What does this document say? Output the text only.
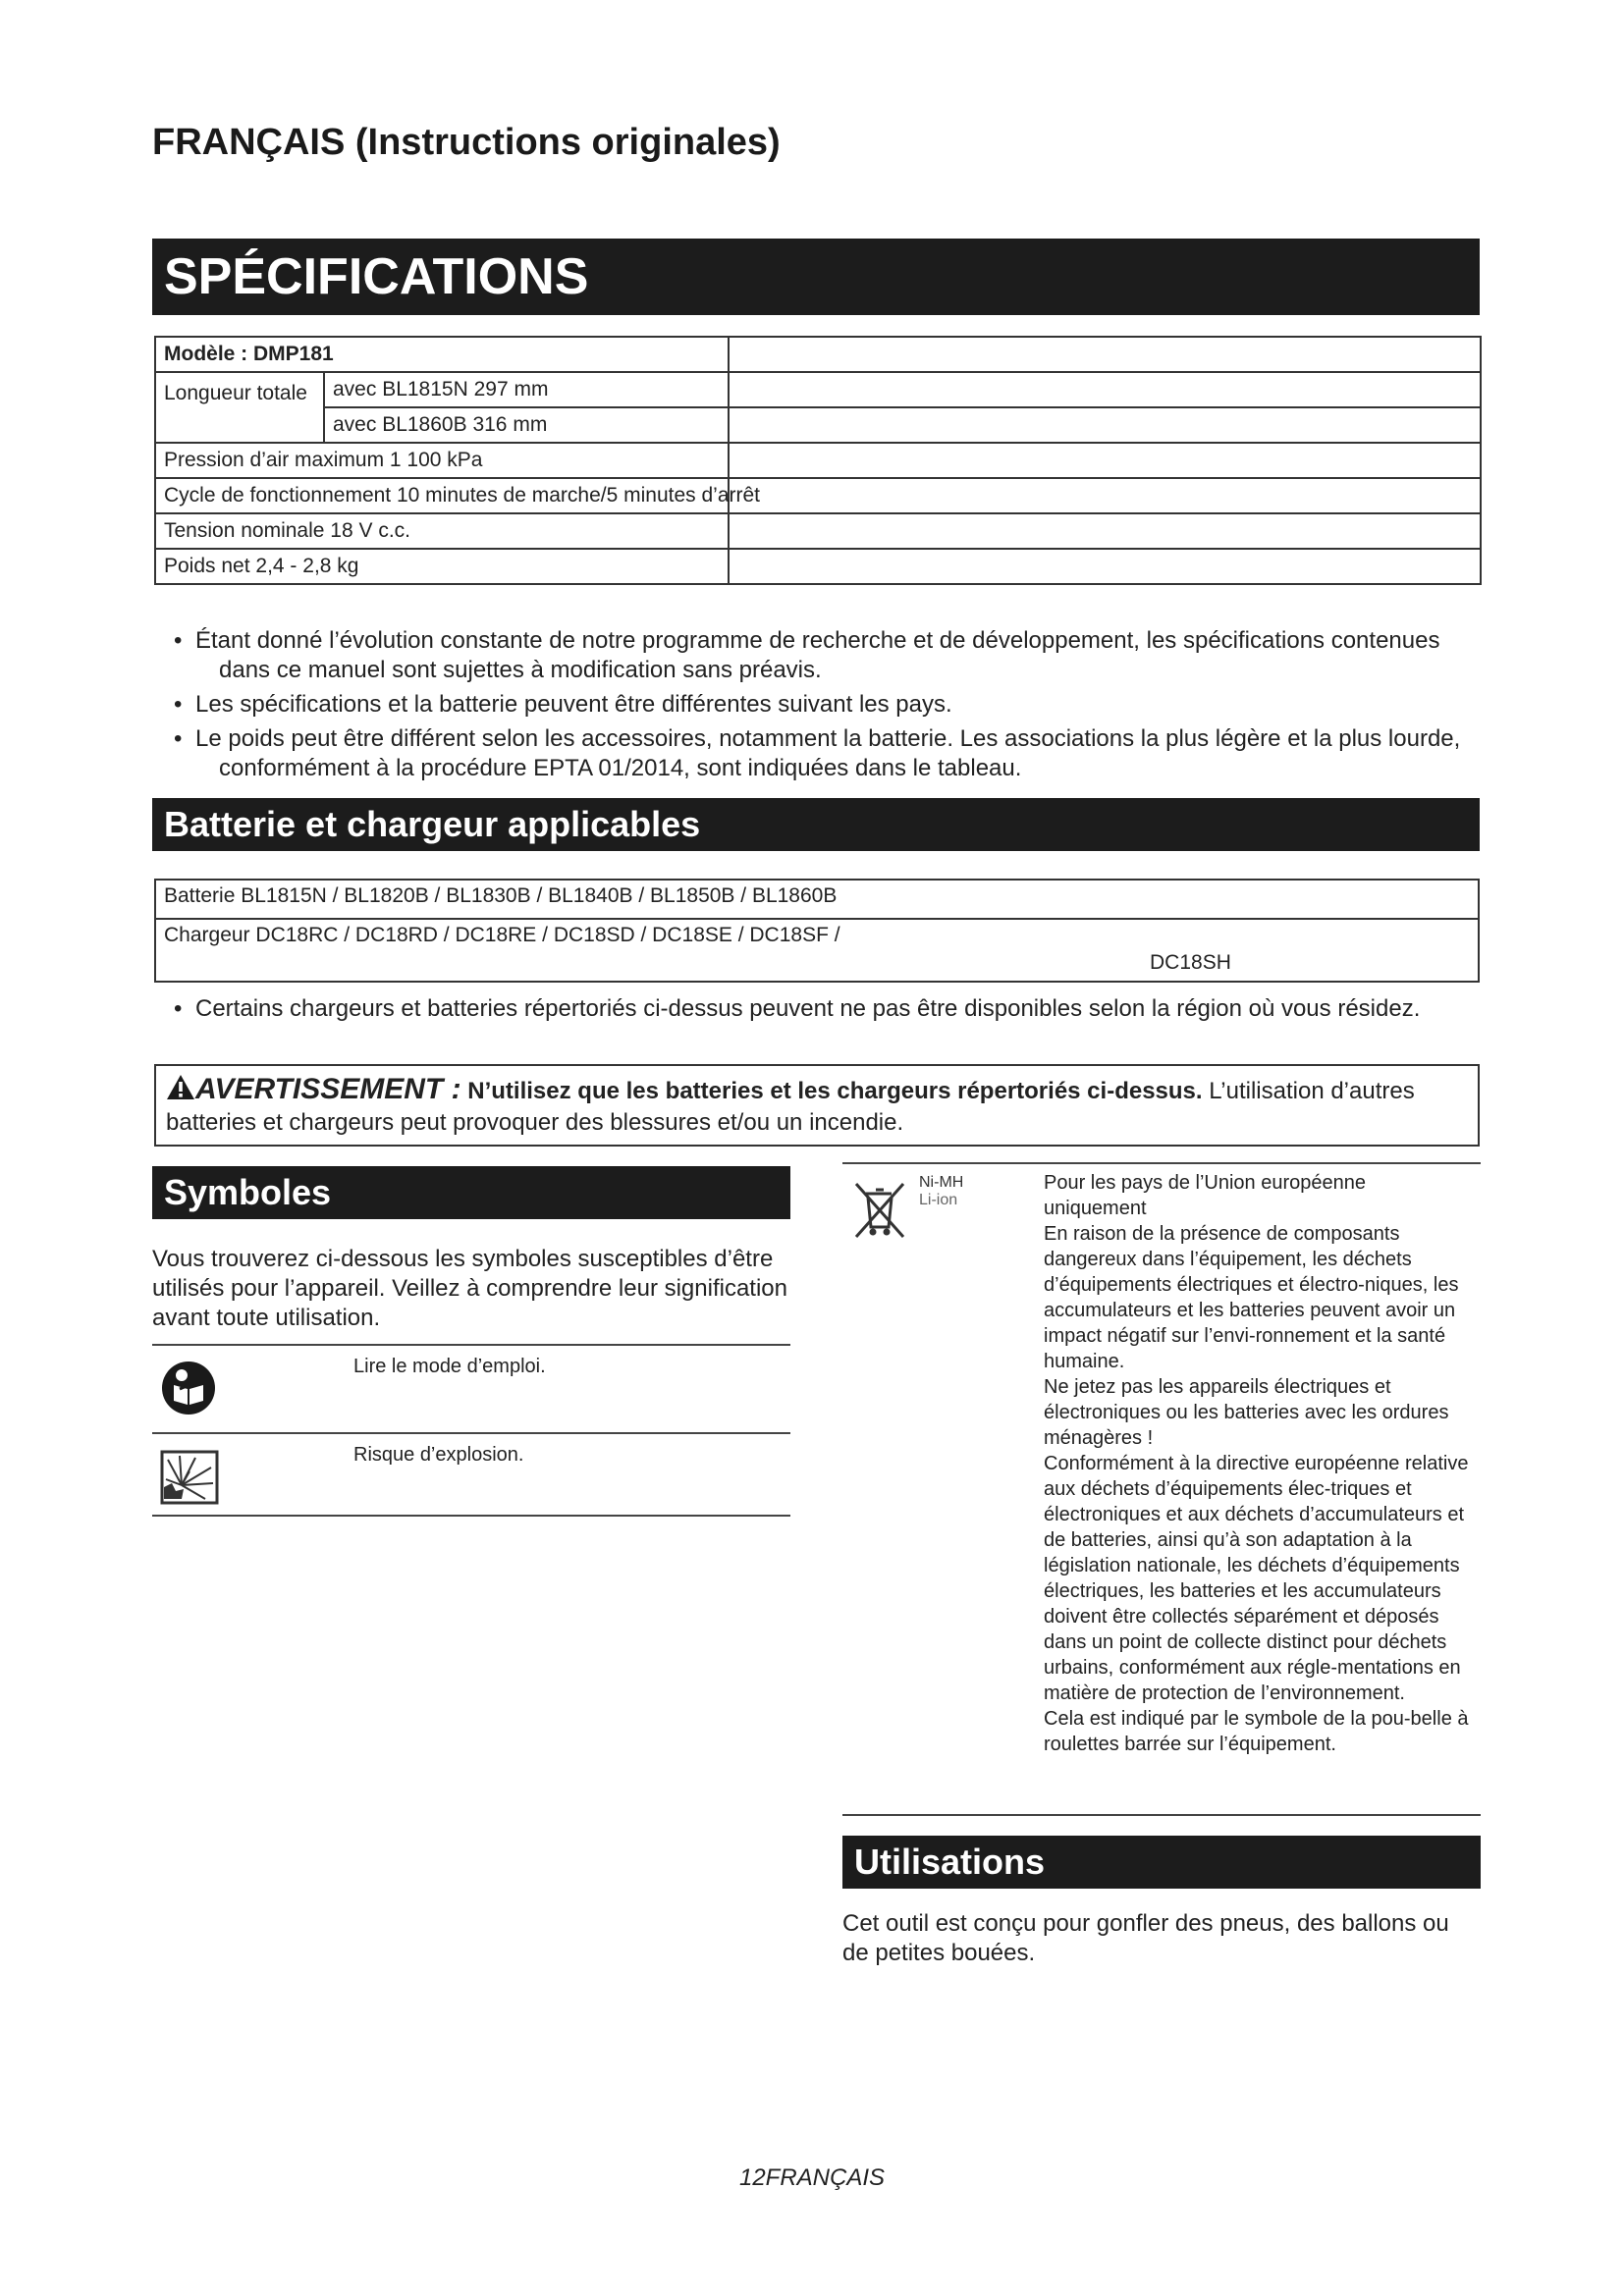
FRANÇAIS (Instructions originales)
SPÉCIFICATIONS
Modèle : DMP181		
Longueur totale	avec BL1815N 297 mm	
	avec BL1860B 316 mm	
Pression d’air maximum 1 100 kPa		
Cycle de fonctionnement 10 minutes de marche/5 minutes d’arrêt		
Tension nominale 18 V c.c.		
Poids net 2,4 - 2,8 kg		
• Étant donné l’évolution constante de notre programme de recherche et de développement, les spécifications contenues dans ce manuel sont sujettes à modification sans préavis.
• Les spécifications et la batterie peuvent être différentes suivant les pays.
• Le poids peut être différent selon les accessoires, notamment la batterie. Les associations la plus légère et la plus lourde, conformément à la procédure EPTA 01/2014, sont indiquées dans le tableau.
Batterie et chargeur applicables
Batterie BL1815N / BL1820B / BL1830B / BL1840B / BL1850B / BL1860B
Chargeur DC18RC / DC18RD / DC18RE / DC18SD / DC18SE / DC18SF /
DC18SH
• Certains chargeurs et batteries répertoriés ci-dessus peuvent ne pas être disponibles selon la région où vous résidez.
AVERTISSEMENT : N’utilisez que les batteries et les chargeurs répertoriés ci-dessus. L’utilisation d’autres batteries et chargeurs peut provoquer des blessures et/ou un incendie.
Symboles
Vous trouverez ci-dessous les symboles susceptibles d’être utilisés pour l’appareil. Veillez à comprendre leur signification avant toute utilisation.
Lire le mode d’emploi.
Risque d’explosion.
Ni-MH
Li-ion
Pour les pays de l’Union européenne uniquement
En raison de la présence de composants dangereux dans l’équipement, les déchets d’équipements électriques et électro-niques, les accumulateurs et les batteries peuvent avoir un impact négatif sur l’envi-ronnement et la santé humaine.
Ne jetez pas les appareils électriques et électroniques ou les batteries avec les ordures ménagères !
Conformément à la directive européenne relative aux déchets d’équipements élec-triques et électroniques et aux déchets d’accumulateurs et de batteries, ainsi qu’à son adaptation à la législation nationale, les déchets d’équipements électriques, les batteries et les accumulateurs doivent être collectés séparément et déposés dans un point de collecte distinct pour déchets urbains, conformément aux régle-mentations en matière de protection de l’environnement.
Cela est indiqué par le symbole de la pou-belle à roulettes barrée sur l’équipement.
Utilisations
Cet outil est conçu pour gonfler des pneus, des ballons ou de petites bouées.
12FRANÇAIS
